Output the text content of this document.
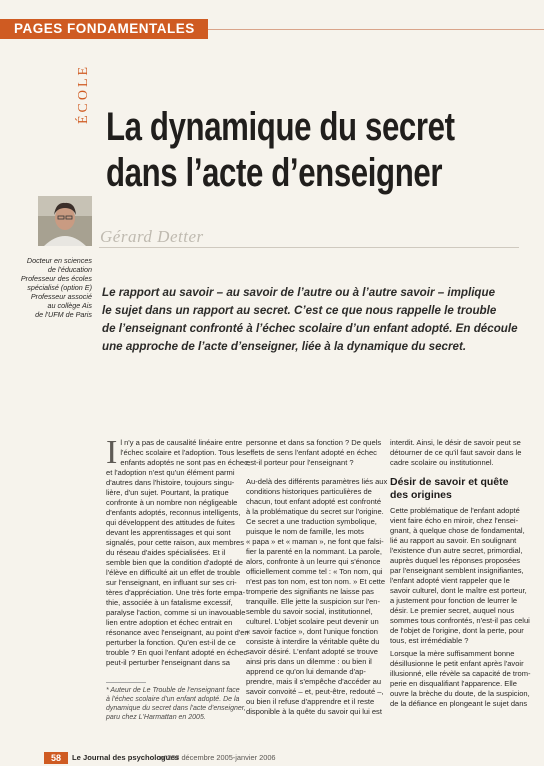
PAGES FONDAMENTALES
ÉCOLE
La dynamique du secret
dans l’acte d’enseigner
Gérard Detter
Docteur en sciences
de l'éducation
Professeur des écoles
spécialisé (option E)
Professeur associé
au collège Ais
de l'UFM de Paris
Le rapport au savoir – au savoir de l’autre ou à l’autre savoir – implique
le sujet dans un rapport au secret. C’est ce que nous rappelle le trouble
de l’enseignant confronté à l’échec scolaire d’un enfant adopté. En découle
une approche de l’acte d’enseigner, liée à la dynamique du secret.
I l n'y a pas de causalité linéaire entre
l'échec scolaire et l'adoption. Tous les
enfants adoptés ne sont pas en échec,
et l'adoption n'est qu'un élément parmi
d'autres dans l'histoire, toujours singu-
lière, d'un sujet. Pourtant, la pratique
confronte à un nombre non négligeable
d'enfants adoptés, reconnus intelligents,
qui développent des attitudes de fuites
devant les apprentissages et qui sont
signalés, pour cette raison, aux membres
du réseau d'aides spécialisées. Et il
semble bien que la condition d'adopté de
l'élève en difficulté ait un effet de trouble
sur l'enseignant, en influant sur ses cri-
tères d'appréciation. Une très forte empa-
thie, associée à un fatalisme excessif,
paralyse l'action, comme si un inavouable
lien entre adoption et échec entrait en
résonance avec l'enseignant, au point d'en
perturber la fonction. Qu'en est-il de ce
trouble ? En quoi l'enfant adopté en échec
peut-il perturber l'enseignant dans sa
* Auteur de Le Trouble de l'enseignant face
à l'échec scolaire d'un enfant adopté. De la
dynamique du secret dans l'acte d'enseigner,
paru chez L'Harmattan en 2005.
personne et dans sa fonction ? De quels
effets de sens l'enfant adopté en échec
est-il porteur pour l'enseignant ?
Au-delà des différents paramètres liés aux
conditions historiques particulières de
chacun, tout enfant adopté est confronté
à la problématique du secret sur l'origine.
Ce secret a une traduction symbolique,
puisque le nom de famille, les mots
« papa » et « maman », ne font que falsi-
fier la parenté en la nommant. La parole,
alors, confronte à un leurre qui s'énonce
officiellement comme tel : « Ton nom, qui
n'est pas ton nom, est ton nom. » Et cette
tromperie des signifiants ne laisse pas
tranquille. Elle jette la suspicion sur l'en-
semble du savoir social, institutionnel,
culturel. L'objet scolaire peut devenir un
« savoir factice », dont l'unique fonction
consiste à interdire la véritable quête du
savoir désiré. L'enfant adopté se trouve
ainsi pris dans un dilemme : ou bien il
apprend ce qu'on lui demande d'ap-
prendre, mais il s'empêche d'accéder au
savoir convoité – et, peut-être, redouté –,
ou bien il refuse d'apprendre et il reste
disponible à la quête du savoir qui lui est
interdit. Ainsi, le désir de savoir peut se
détourner de ce qu'il faut savoir dans le
cadre scolaire ou institutionnel.
Désir de savoir et quête
des origines
Cette problématique de l'enfant adopté
vient faire écho en miroir, chez l'ensei-
gnant, à quelque chose de fondamental,
lié au rapport au savoir. En soulignant
l'existence d'un autre secret, primordial,
auprès duquel les réponses proposées
par l'enseignant semblent insignifiantes,
l'enfant adopté vient rappeler que le
savoir culturel, dont le maître est porteur,
a justement pour fonction de leurrer le
désir. Le premier secret, auquel nous
sommes tous confrontés, n'est-il pas celui
de l'objet de l'origine, dont la perte, pour
tous, est irrémédiable ?
Lorsque la mère suffisamment bonne
désillusionne le petit enfant après l'avoir
illusionné, elle révèle sa capacité de trom-
perie en disqualifiant l'apparence. Elle
ouvre la brèche du doute, de la suspicion,
de la défiance en plongeant le sujet dans
58	Le Journal des psychologues
n°233 décembre 2005-janvier 2006
